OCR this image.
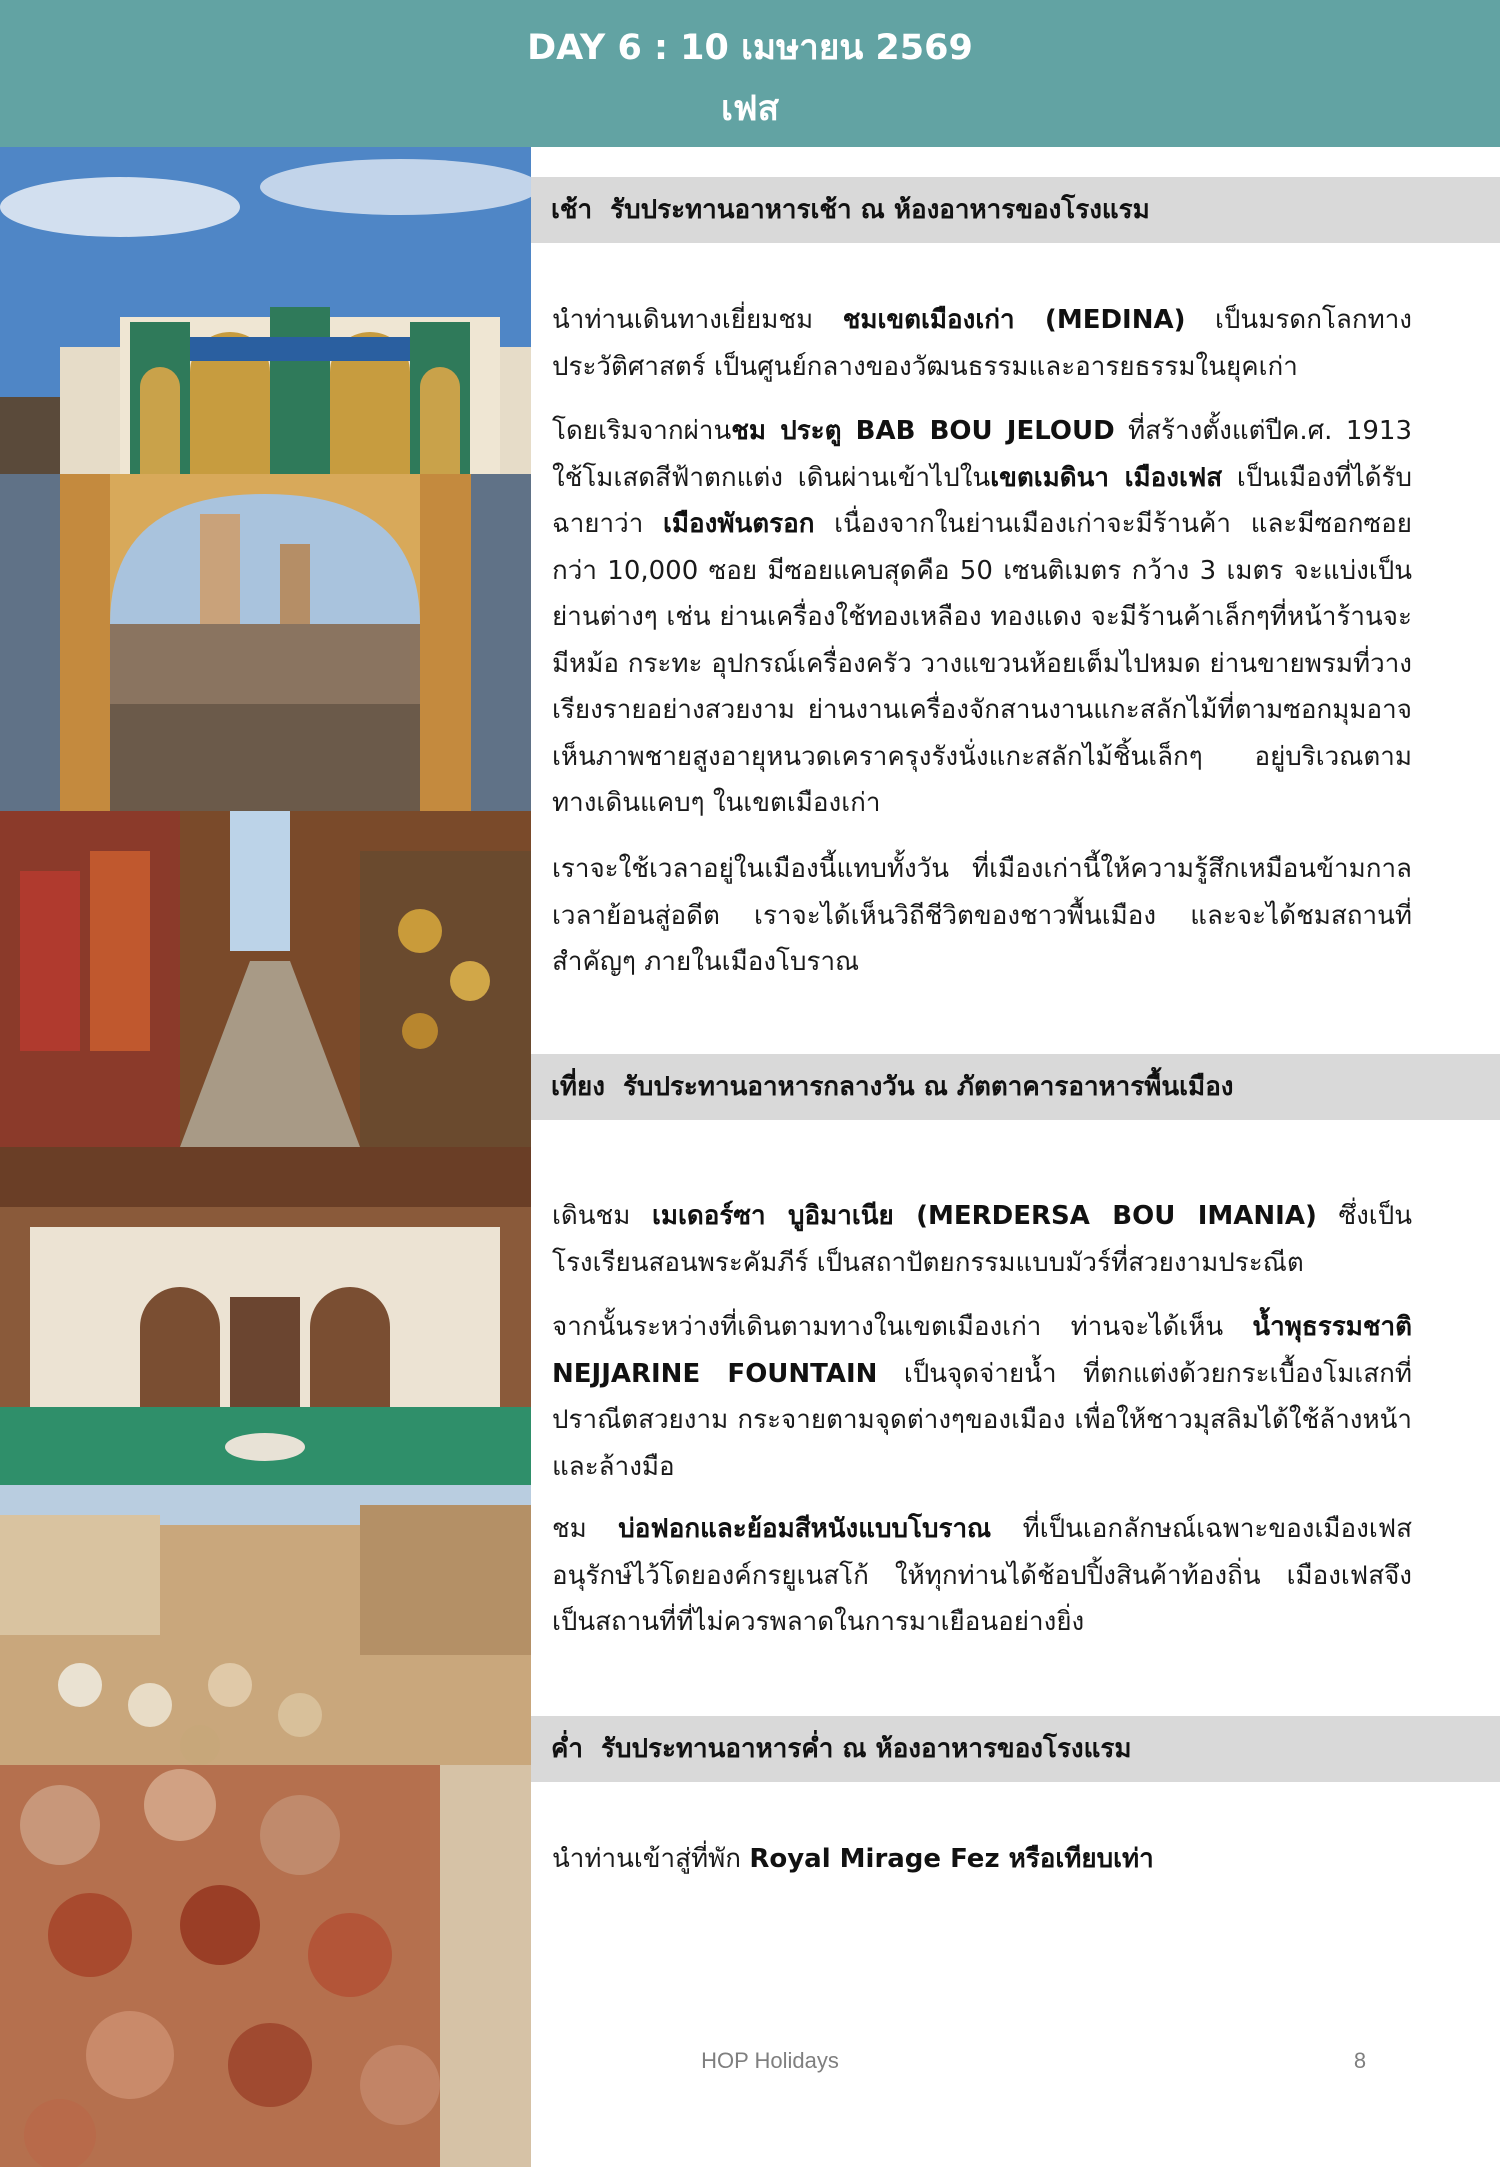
DAY 6 : 10 เมษายน 2569
เฟส
เช้า รับประทานอาหารเช้า ณ ห้องอาหารของโรงแรม
นำท่านเดินทางเยี่ยมชม ชมเขตเมืองเก่า (MEDINA) เป็นมรดกโลกทางประวัติศาสตร์ เป็นศูนย์กลางของวัฒนธรรมและอารยธรรมในยุคเก่า
โดยเริมจากผ่านชม ประตู BAB BOU JELOUD ที่สร้างตั้งแต่ปีค.ศ. 1913 ใช้โมเสดสีฟ้าตกแต่ง เดินผ่านเข้าไปในเขตเมดินา เมืองเฟส เป็นเมืองที่ได้รับ ฉายาว่า เมืองพันตรอก เนื่องจากในย่านเมืองเก่าจะมีร้านค้า และมีซอกซอยกว่า 10,000 ซอย มีซอยแคบสุดคือ 50 เซนติเมตร กว้าง 3 เมตร จะแบ่งเป็นย่านต่างๆ เช่น ย่านเครื่องใช้ทองเหลือง ทองแดง จะมีร้านค้าเล็กๆที่หน้าร้านจะมีหม้อ กระทะ อุปกรณ์เครื่องครัว วางแขวนห้อยเต็มไปหมด ย่านขายพรมที่วางเรียงรายอย่างสวยงาม ย่านงานเครื่องจักสานงานแกะสลักไม้ที่ตามซอกมุมอาจเห็นภาพชายสูงอายุหนวดเคราครุงรังนั่งแกะสลักไม้ชิ้นเล็กๆ อยู่บริเวณตามทางเดินแคบๆ ในเขตเมืองเก่า
เราจะใช้เวลาอยู่ในเมืองนี้แทบทั้งวัน ที่เมืองเก่านี้ให้ความรู้สึกเหมือนข้ามกาลเวลาย้อนสู่อดีต เราจะได้เห็นวิถีชีวิตของชาวพื้นเมือง และจะได้ชมสถานที่สำคัญๆ ภายในเมืองโบราณ
เที่ยง รับประทานอาหารกลางวัน ณ ภัตตาคารอาหารพื้นเมือง
เดินชม เมเดอร์ซา บูอิมาเนีย (MERDERSA BOU IMANIA) ซึ่งเป็นโรงเรียนสอนพระคัมภีร์ เป็นสถาปัตยกรรมแบบมัวร์ที่สวยงามประณีต
จากนั้นระหว่างที่เดินตามทางในเขตเมืองเก่า ท่านจะได้เห็น น้ำพุธรรมชาติ NEJJARINE FOUNTAIN เป็นจุดจ่ายน้ำ ที่ตกแต่งด้วยกระเบื้องโมเสกที่ปราณีตสวยงาม กระจายตามจุดต่างๆของเมือง เพื่อให้ชาวมุสลิมได้ใช้ล้างหน้าและล้างมือ
ชม บ่อฟอกและย้อมสีหนังแบบโบราณ ที่เป็นเอกลักษณ์เฉพาะของเมืองเฟส อนุรักษ์ไว้โดยองค์กรยูเนสโก้ ให้ทุกท่านได้ช้อปปิ้งสินค้าท้องถิ่น เมืองเฟสจึงเป็นสถานที่ที่ไม่ควรพลาดในการมาเยือนอย่างยิ่ง
ค่ำ รับประทานอาหารค่ำ ณ ห้องอาหารของโรงแรม
นำท่านเข้าสู่ที่พัก Royal Mirage Fez หรือเทียบเท่า
HOP Holidays	8
